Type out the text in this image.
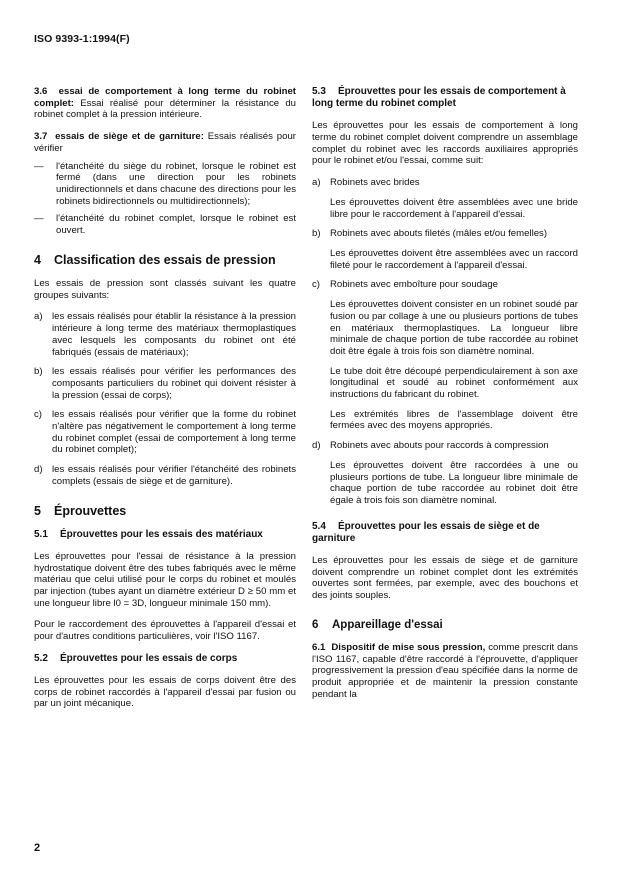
ISO 9393-1:1994(F)

3.6 essai de comportement à long terme du robinet complet: Essai réalisé pour déterminer la résistance du robinet complet à la pression intérieure.

3.7 essais de siège et de garniture: Essais réalisés pour vérifier

— l'étanchéité du siège du robinet, lorsque le robinet est fermé (dans une direction pour les robinets unidirectionnels et dans chacune des directions pour les robinets bidirectionnels ou multidirectionnels);
— l'étanchéité du robinet complet, lorsque le robinet est ouvert.
4 Classification des essais de pression

Les essais de pression sont classés suivant les quatre groupes suivants:

a) les essais réalisés pour établir la résistance à la pression intérieure à long terme des matériaux thermoplastiques avec lesquels les composants du robinet ont été fabriqués (essais de matériaux);
b) les essais réalisés pour vérifier les performances des composants particuliers du robinet qui doivent résister à la pression (essai de corps);
c) les essais réalisés pour vérifier que la forme du robinet n'altère pas négativement le comportement à long terme du robinet complet (essai de comportement à long terme du robinet complet);
d) les essais réalisés pour vérifier l'étanchéité des robinets complets (essais de siège et de garniture).
5 Éprouvettes
5.1 Éprouvettes pour les essais des matériaux

Les éprouvettes pour l'essai de résistance à la pression hydrostatique doivent être des tubes fabriqués avec le même matériau que celui utilisé pour le corps du robinet et moulés par injection (tubes ayant un diamètre extérieur D ≥ 50 mm et une longueur libre l0 = 3D, longueur minimale 150 mm).

Pour le raccordement des éprouvettes à l'appareil d'essai et pour d'autres conditions particulières, voir l'ISO 1167.

5.2 Éprouvettes pour les essais de corps

Les éprouvettes pour les essais de corps doivent être des corps de robinet raccordés à l'appareil d'essai par fusion ou par un joint mécanique.

5.3 Éprouvettes pour les essais de comportement à long terme du robinet complet

Les éprouvettes pour les essais de comportement à long terme du robinet complet doivent comprendre un assemblage complet du robinet avec les raccords auxiliaires appropriés pour le robinet et/ou l'essai, comme suit:

a) Robinets avec brides
Les éprouvettes doivent être assemblées avec une bride libre pour le raccordement à l'appareil d'essai.
b) Robinets avec abouts filetés (mâles et/ou femelles)
Les éprouvettes doivent être assemblées avec un raccord fileté pour le raccordement à l'appareil d'essai.
c) Robinets avec emboîture pour soudage
Les éprouvettes doivent consister en un robinet soudé par fusion ou par collage à une ou plusieurs portions de tubes en matériaux thermoplastiques. La longueur libre minimale de chaque portion de tube raccordée au robinet doit être égale à trois fois son diamètre nominal.
Le tube doit être découpé perpendiculairement à son axe longitudinal et soudé au robinet conformément aux instructions du fabricant du robinet.
Les extrémités libres de l'assemblage doivent être fermées avec des moyens appropriés.
d) Robinets avec abouts pour raccords à compression
Les éprouvettes doivent être raccordées à une ou plusieurs portions de tube. La longueur libre minimale de chaque portion de tube raccordée au robinet doit être égale à trois fois son diamètre nominal.
5.4 Éprouvettes pour les essais de siège et de garniture

Les éprouvettes pour les essais de siège et de garniture doivent comprendre un robinet complet dont les extrémités ouvertes sont fermées, par exemple, avec des bouchons et des joints souples.

6 Appareillage d'essai

6.1 Dispositif de mise sous pression, comme prescrit dans l'ISO 1167, capable d'être raccordé à l'éprouvette, d'appliquer progressivement la pression d'eau spécifiée dans la norme de produit appropriée et de maintenir la pression constante pendant la

2
